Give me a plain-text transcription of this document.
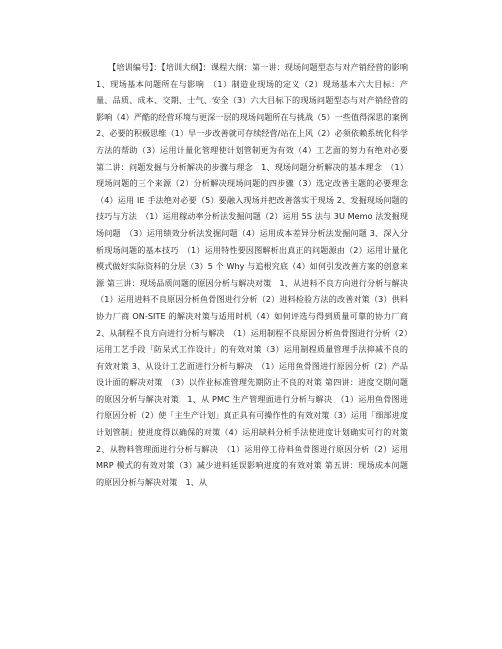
【培训编号】：【培训大纲】：课程大纲：第一讲：现场问题型态与对产销经营的影响　1、现场基本问题所在与影响　（1）制造业现场的定义（2）现场基本六大目标：产量、品质、成本、交期、士气、安全（3）六大目标下的现场问题型态与对产销经营的影响（4）严酷的经营环境与更深一层的现场问题所在与挑战（5）一些值得深思的案例 2、必要的积极思维（1）早一步改善就可存续经营/站在上风（2）必须依赖系统化科学方法的帮助（3）运用计量化管理使计划管制更为有效（4）工艺面的努力有绝对必要 第二讲：问题发掘与分析解决的步骤与理念　1、现场问题分析解决的基本理念　（1）现场问题的三个来源（2）分析解决现场问题的四步骤（3）选定改善主题的必要理念（4）运用 IE 手法绝对必要（5）要融入现场并把改善落实于现场 2、发掘现场问题的技巧与方法　（1）运用稼动率分析法发掘问题（2）运用 5S 法与 3U Memo 法发掘现场问题　（3）运用绩效分析法发掘问题（4）运用成本差异分析法发掘问题 3、深入分析现场问题的基本技巧　（1）运用特性要因图解析出真正的问题源由（2）运用计量化模式做好实际资料的分层（3）5 个 Why 与追根究底（4）如何引发改善方案的创意来源 第三讲：现场品质问题的原因分析与解决对策　1、从进料不良方向进行分析与解决　（1）运用进料不良原因分析鱼骨图进行分析（2）进料检验方法的改善对策（3）供料协力厂商 ON-SITE 的解决对策与适用时机（4）如何评选与得到质量可靠的协力厂商 2、从制程不良方向进行分析与解决　（1）运用制程不良原因分析鱼骨图进行分析（2）运用工艺手段「防呆式工作设计」的有效对策（3）运用制程质量管理手法抑减不良的有效对策 3、从设计工艺面进行分析与解决　（1）运用鱼骨图进行原因分析（2）产品设计面的解决对策　（3）以作业标准管理先期防止不良的对策 第四讲：进度交期问题的原因分析与解决对策　1、从 PMC 生产管理面进行分析与解决　（1）运用鱼骨图进行原因分析（2）使「主生产计划」真正具有可操作性的有效对策（3）运用「细部进度计划管制」使进度得以确保的对策（4）运用缺料分析手法使进度计划确实可行的对策 2、从物料管理面进行分析与解决　（1）运用停工待料鱼骨图进行原因分析（2）运用 MRP 模式的有效对策（3）减少进料延误影响进度的有效对策 第五讲：现场成本问题的原因分析与解决对策　1、从
